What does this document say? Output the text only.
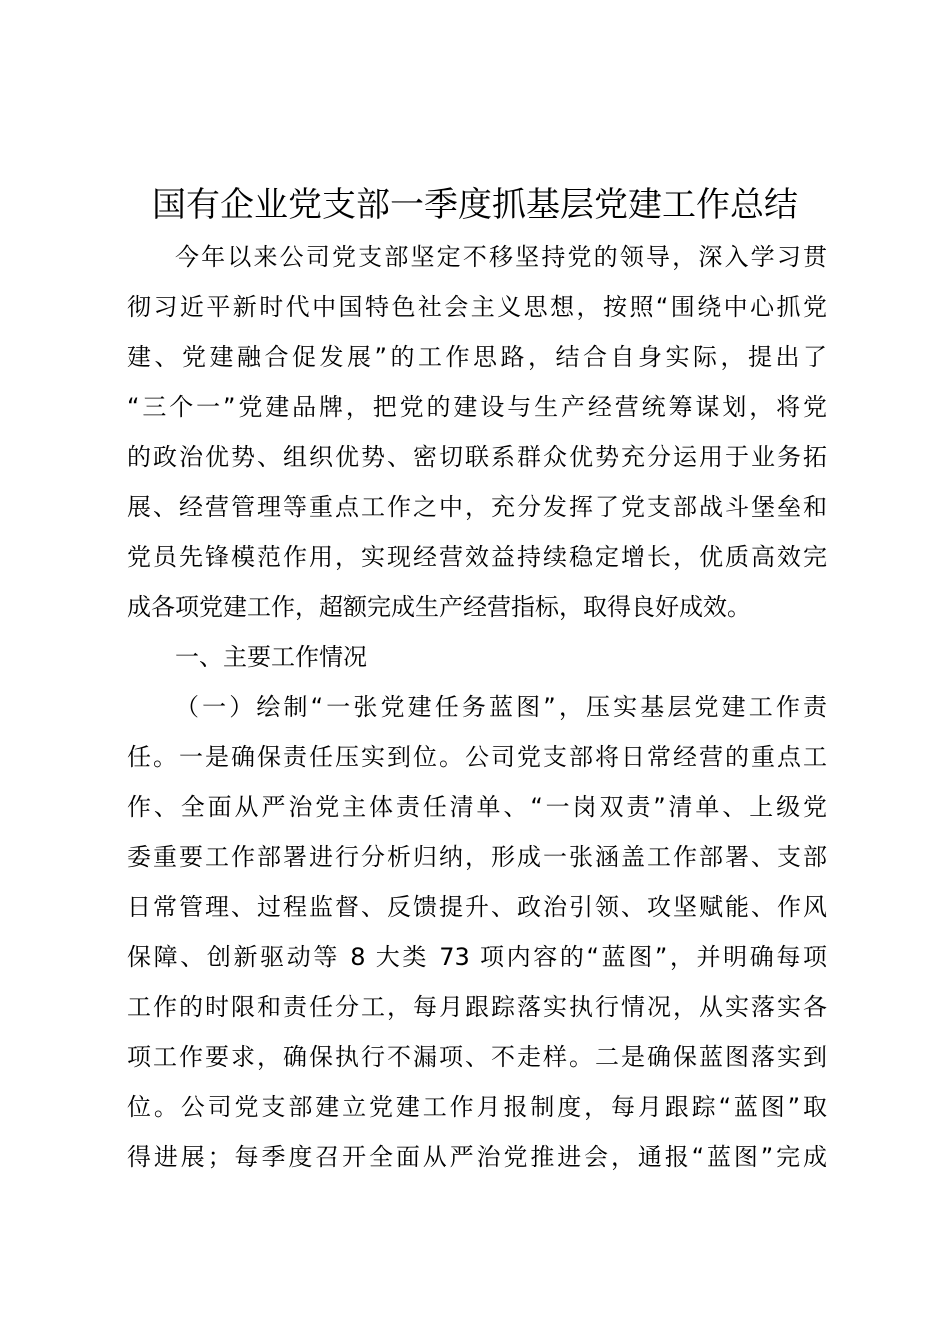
国有企业党支部一季度抓基层党建工作总结
今年以来公司党支部坚定不移坚持党的领导，深入学习贯
彻习近平新时代中国特色社会主义思想，按照“围绕中心抓党
建、党建融合促发展”的工作思路，结合自身实际，提出了
“三个一”党建品牌，把党的建设与生产经营统筹谋划，将党
的政治优势、组织优势、密切联系群众优势充分运用于业务拓
展、经营管理等重点工作之中，充分发挥了党支部战斗堡垒和
党员先锋模范作用，实现经营效益持续稳定增长，优质高效完
成各项党建工作，超额完成生产经营指标，取得良好成效。
一、主要工作情况
（一）绘制“一张党建任务蓝图”，压实基层党建工作责
任。一是确保责任压实到位。公司党支部将日常经营的重点工
作、全面从严治党主体责任清单、“一岗双责”清单、上级党
委重要工作部署进行分析归纳，形成一张涵盖工作部署、支部
日常管理、过程监督、反馈提升、政治引领、攻坚赋能、作风
保障、创新驱动等 8 大类 73 项内容的“蓝图”，并明确每项
工作的时限和责任分工，每月跟踪落实执行情况，从实落实各
项工作要求，确保执行不漏项、不走样。二是确保蓝图落实到
位。公司党支部建立党建工作月报制度，每月跟踪“蓝图”取
得进展；每季度召开全面从严治党推进会，通报“蓝图”完成
